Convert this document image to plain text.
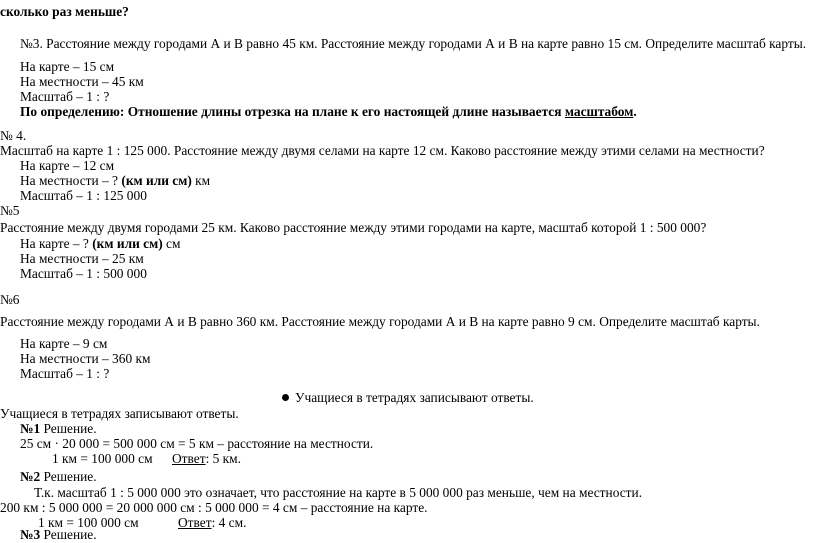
сколько раз меньше?
№3. Расстояние между городами А и В равно 45 км. Расстояние между городами А и В на карте равно 15 см. Определите масштаб карты.
На карте – 15 см
На местности – 45 км
Масштаб – 1 : ?
По определению: Отношение длины отрезка на плане к его настоящей длине называется масштабом.
№ 4.
Масштаб на карте 1 : 125 000. Расстояние между двумя селами на карте 12 см. Каково расстояние между этими селами на местности?
На карте – 12 см
На местности – ? (км или см) км
Масштаб – 1 : 125 000
№5
Расстояние между двумя городами 25 км. Каково расстояние между этими городами на карте, масштаб которой 1 : 500 000?
На карте – ? (км или см) см
На местности – 25 км
Масштаб – 1 : 500 000
№6
Расстояние между городами А и В равно 360 км. Расстояние между городами А и В на карте равно 9 см. Определите масштаб карты.
На карте – 9 см
На местности – 360 км
Масштаб – 1 : ?
Учащиеся в тетрадях записывают ответы.
Учащиеся в тетрадях записывают ответы.
№1 Решение.
25 см · 20 000 = 500 000 см = 5 км – расстояние на местности.
1 км = 100 000 см Ответ: 5 км.
№2 Решение.
Т.к. масштаб 1 : 5 000 000 это означает, что расстояние на карте в 5 000 000 раз меньше, чем на местности.
200 км : 5 000 000 = 20 000 000 см : 5 000 000 = 4 см – расстояние на карте.
1 км = 100 000 см	Ответ: 4 см.
№3 Решение.
